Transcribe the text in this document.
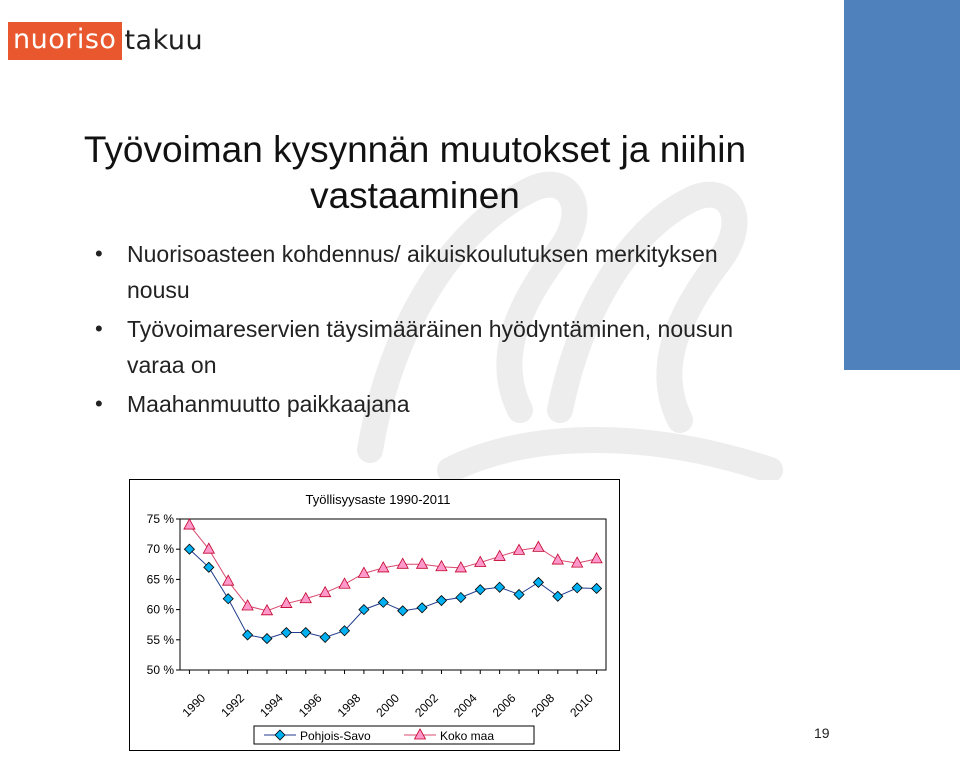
nuoriso takuu
Työvoiman kysynnän muutokset ja niihin vastaaminen
• Nuorisoasteen kohdennus/ aikuiskoulutuksen merkityksen nousu
• Työvoimareservien täysimääräinen hyödyntäminen, nousun varaa on
• Maahanmuutto paikkaajana
Työllisyysaste 1990-2011
50 %
55 %
60 %
65 %
70 %
75 %
1990 1992 1994 1996 1998 2000 2002 2004 2006 2008 2010
Pohjois-Savo	Koko maa	19
